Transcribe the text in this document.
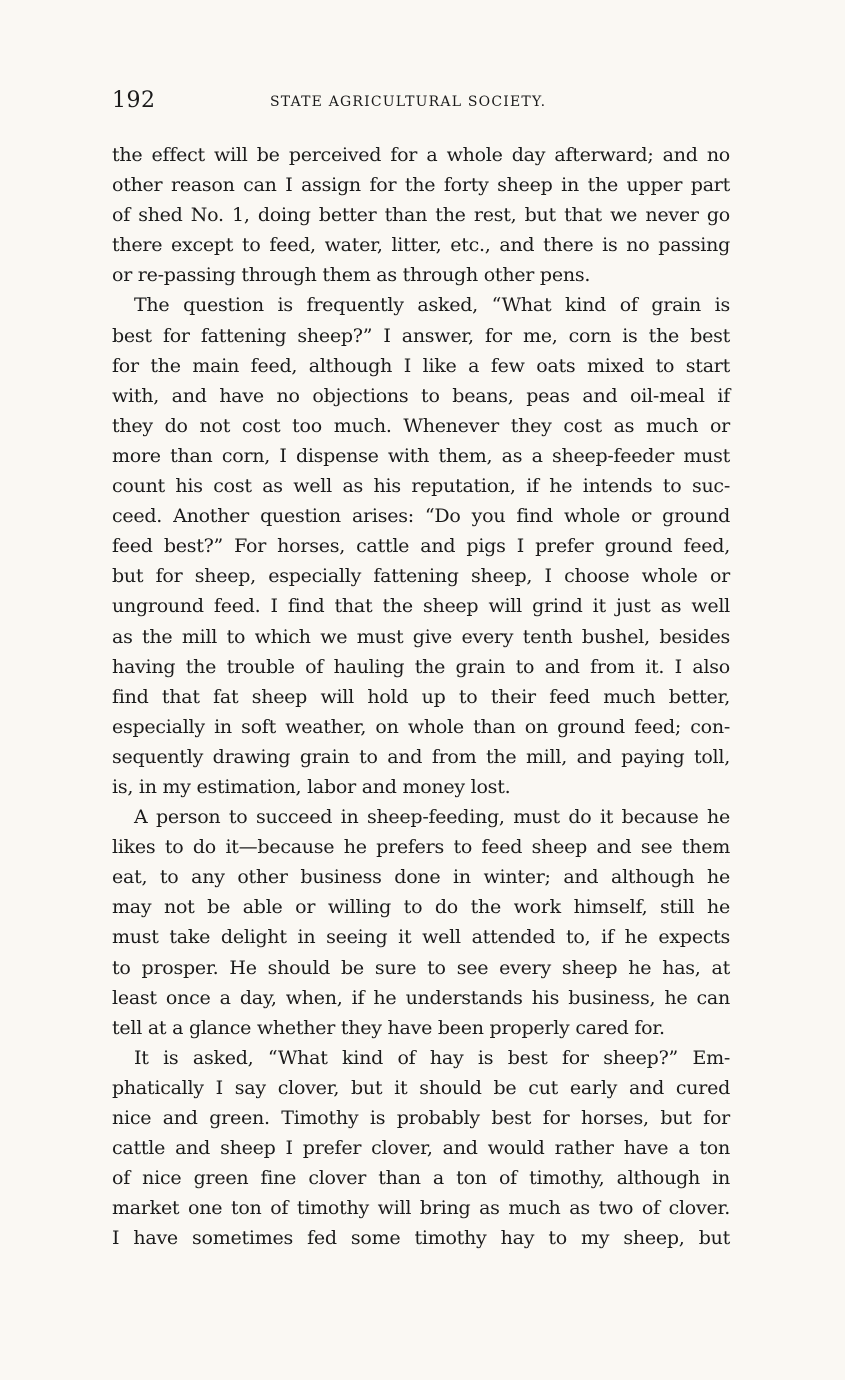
192	STATE AGRICULTURAL SOCIETY.
the effect will be perceived for a whole day afterward; and no
other reason can I assign for the forty sheep in the upper part
of shed No. 1, doing better than the rest, but that we never go
there except to feed, water, litter, etc., and there is no passing
or re-passing through them as through other pens.
The question is frequently asked, “What kind of grain is
best for fattening sheep?” I answer, for me, corn is the best
for the main feed, although I like a few oats mixed to start
with, and have no objections to beans, peas and oil-meal if
they do not cost too much. Whenever they cost as much or
more than corn, I dispense with them, as a sheep-feeder must
count his cost as well as his reputation, if he intends to suc-
ceed. Another question arises: “Do you find whole or ground
feed best?” For horses, cattle and pigs I prefer ground feed,
but for sheep, especially fattening sheep, I choose whole or
unground feed. I find that the sheep will grind it just as well
as the mill to which we must give every tenth bushel, besides
having the trouble of hauling the grain to and from it. I also
find that fat sheep will hold up to their feed much better,
especially in soft weather, on whole than on ground feed; con-
sequently drawing grain to and from the mill, and paying toll,
is, in my estimation, labor and money lost.
A person to succeed in sheep-feeding, must do it because he
likes to do it—because he prefers to feed sheep and see them
eat, to any other business done in winter; and although he
may not be able or willing to do the work himself, still he
must take delight in seeing it well attended to, if he expects
to prosper. He should be sure to see every sheep he has, at
least once a day, when, if he understands his business, he can
tell at a glance whether they have been properly cared for.
It is asked, “What kind of hay is best for sheep?” Em-
phatically I say clover, but it should be cut early and cured
nice and green. Timothy is probably best for horses, but for
cattle and sheep I prefer clover, and would rather have a ton
of nice green fine clover than a ton of timothy, although in
market one ton of timothy will bring as much as two of clover.
I have sometimes fed some timothy hay to my sheep, but
